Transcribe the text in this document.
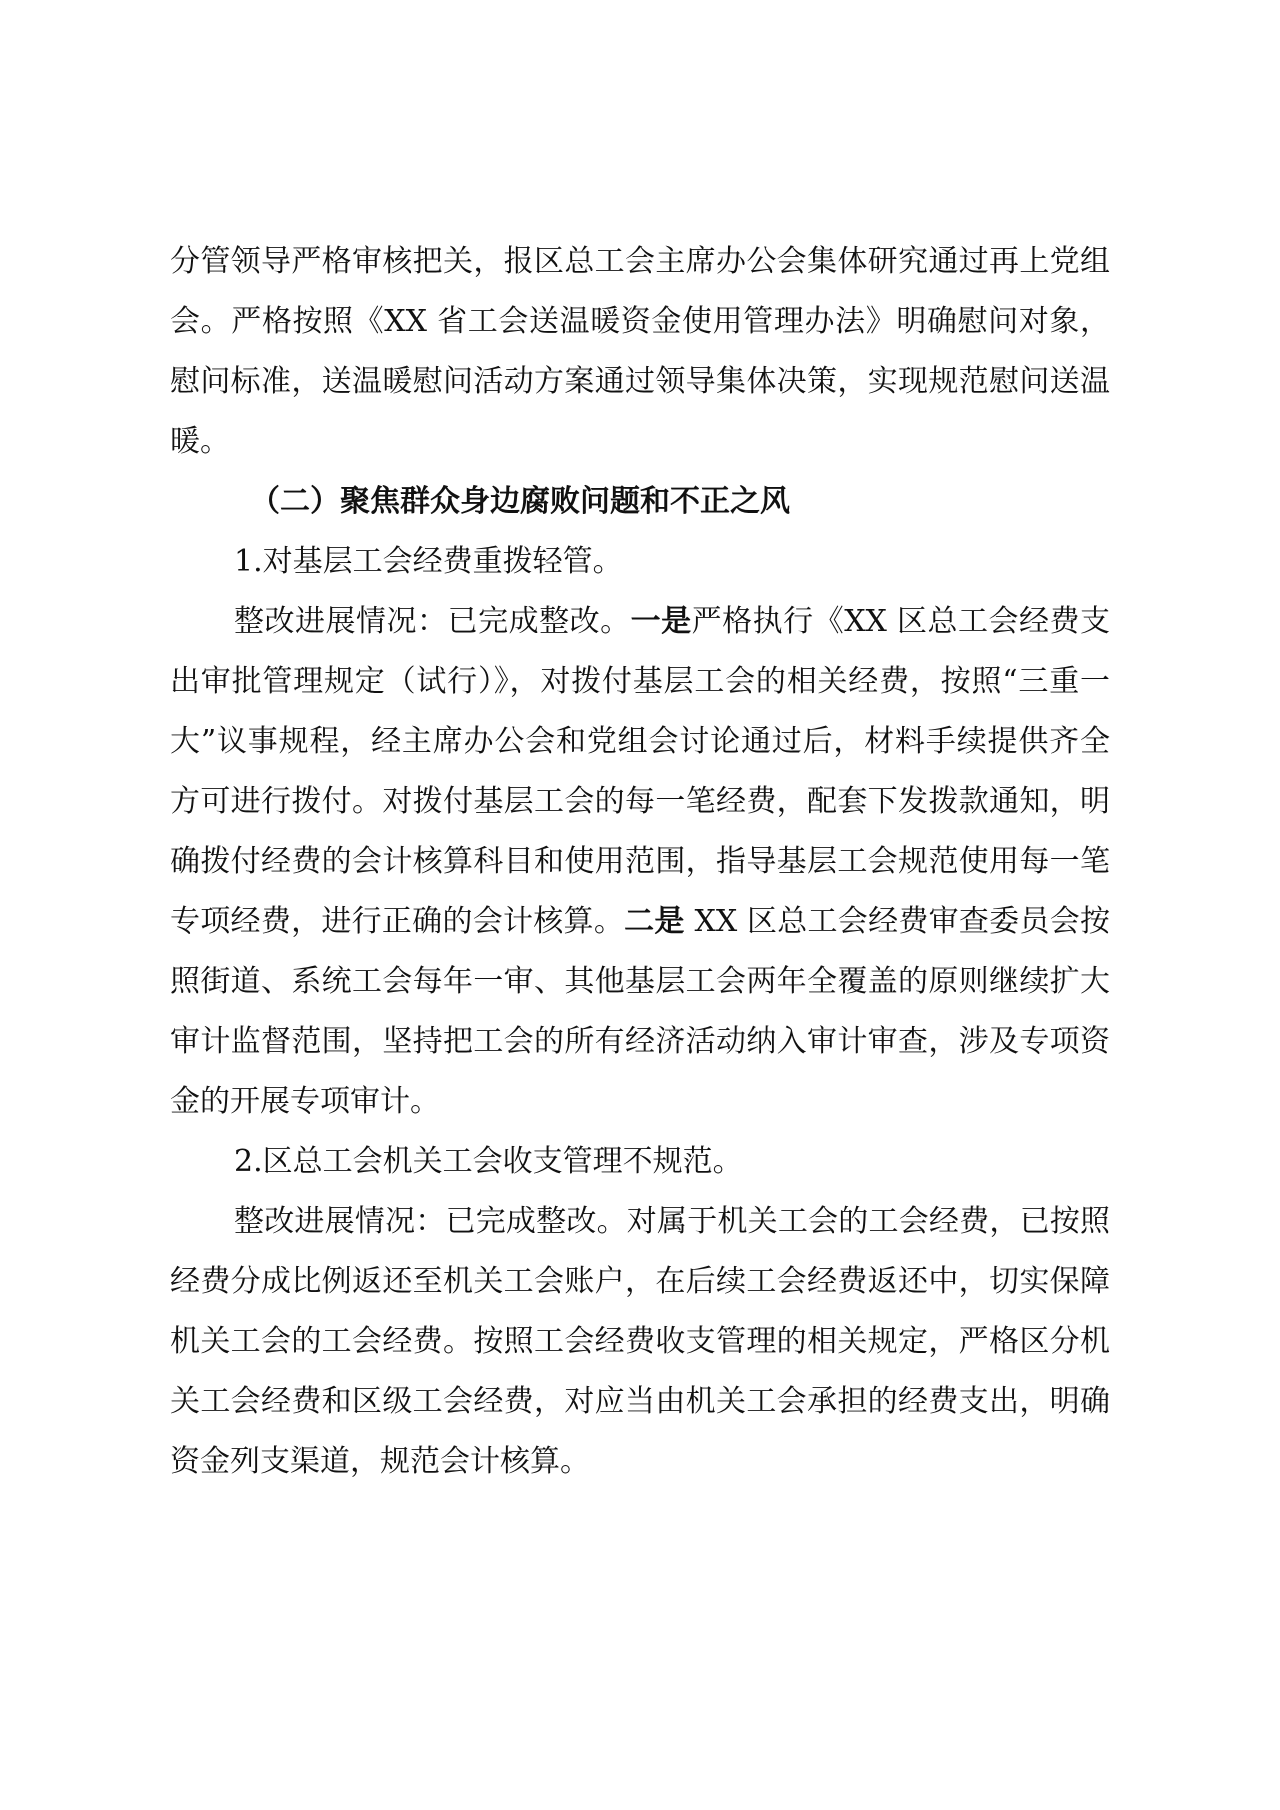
分管领导严格审核把关，报区总工会主席办公会集体研究通过再上党组会。严格按照《XX 省工会送温暖资金使用管理办法》明确慰问对象，慰问标准，送温暖慰问活动方案通过领导集体决策，实现规范慰问送温暖。

（二）聚焦群众身边腐败问题和不正之风

1.对基层工会经费重拨轻管。

整改进展情况：已完成整改。一是严格执行《XX 区总工会经费支出审批管理规定（试行）》，对拨付基层工会的相关经费，按照“三重一大”议事规程，经主席办公会和党组会讨论通过后，材料手续提供齐全方可进行拨付。对拨付基层工会的每一笔经费，配套下发拨款通知，明确拨付经费的会计核算科目和使用范围，指导基层工会规范使用每一笔专项经费，进行正确的会计核算。二是 XX 区总工会经费审查委员会按照街道、系统工会每年一审、其他基层工会两年全覆盖的原则继续扩大审计监督范围，坚持把工会的所有经济活动纳入审计审查，涉及专项资金的开展专项审计。

2.区总工会机关工会收支管理不规范。

整改进展情况：已完成整改。对属于机关工会的工会经费，已按照经费分成比例返还至机关工会账户，在后续工会经费返还中，切实保障机关工会的工会经费。按照工会经费收支管理的相关规定，严格区分机关工会经费和区级工会经费，对应当由机关工会承担的经费支出，明确资金列支渠道，规范会计核算。
